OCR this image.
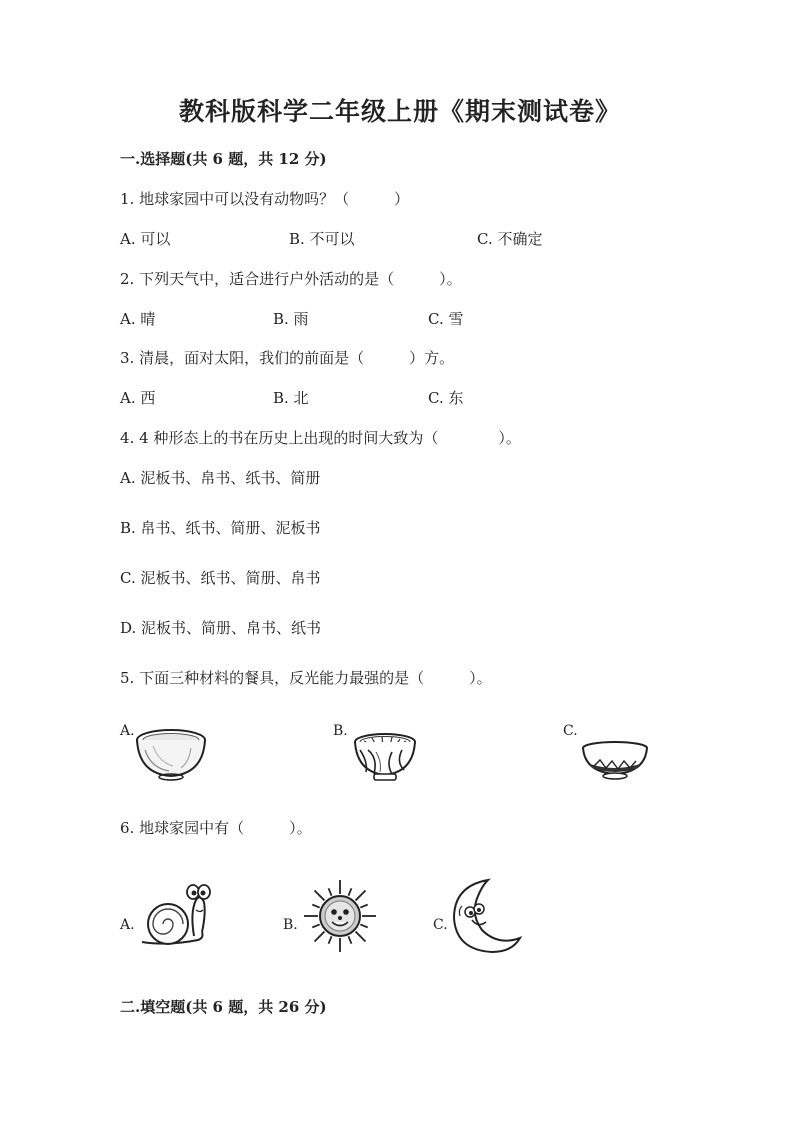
教科版科学二年级上册《期末测试卷》
一.选择题(共 6 题，共 12 分)
1. 地球家园中可以没有动物吗？（　　　）
A. 可以	B. 不可以	C. 不确定
2. 下列天气中，适合进行户外活动的是（　　　）。
A. 晴	B. 雨	C. 雪
3. 清晨，面对太阳，我们的前面是（　　　）方。
A. 西	B. 北	C. 东
4. 4 种形态上的书在历史上出现的时间大致为（　　　　）。
A. 泥板书、帛书、纸书、简册
B. 帛书、纸书、简册、泥板书
C. 泥板书、纸书、简册、帛书
D. 泥板书、简册、帛书、纸书
5. 下面三种材料的餐具，反光能力最强的是（　　　）。
A.	B.	C.
6. 地球家园中有（　　　）。
A.	B.	C.
二.填空题(共 6 题，共 26 分)
